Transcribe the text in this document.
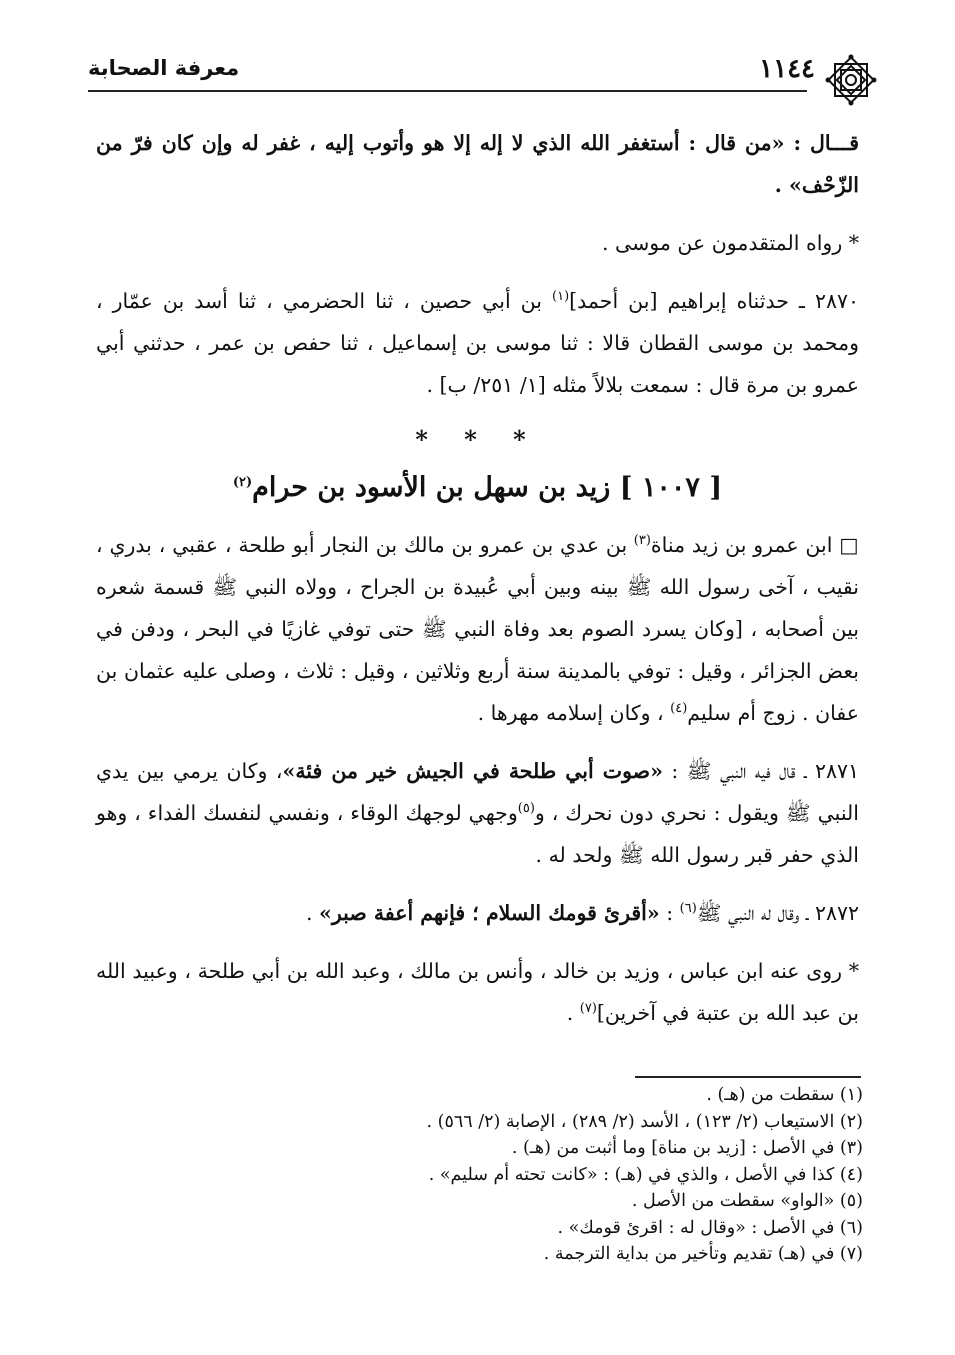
١١٤٤
معرفة الصحابة

قـــال : «من قال : أستغفر الله الذي لا إله إلا هو وأتوب إليه ، غفر له وإن كان فرّ من الزّحْف» .

* رواه المتقدمون عن موسى .

٢٨٧٠ ـ حدثناه إبراهيم [بن أحمد]$^{(١)}$ بن أبي حصين ، ثنا الحضرمي ، ثنا أسد بن عمّار ، ومحمد بن موسى القطان قالا : ثنا موسى بن إسماعيل ، ثنا حفص بن عمر ، حدثني أبي عمرو بن مرة قال : سمعت بلالاً مثله [١/ ٢٥١/ ب] .

* * *
[ ١٠٠٧ ] زيد بن سهل بن الأسود بن حرام$^{(٢)}$

□ ابن عمرو بن زيد مناة$^{(٣)}$ بن عدي بن عمرو بن مالك بن النجار أبو طلحة ، عقبي ، بدري ، نقيب ، آخى رسول الله ﷺ بينه وبين أبي عُبيدة بن الجراح ، وولاه النبي ﷺ قسمة شعره بين أصحابه ، [وكان يسرد الصوم بعد وفاة النبي ﷺ حتى توفي غازيًا في البحر ، ودفن في بعض الجزائر ، وقيل : توفي بالمدينة سنة أربع وثلاثين ، وقيل : ثلاث ، وصلى عليه عثمان بن عفان . زوج أم سليم$^{(٤)}$ ، وكان إسلامه مهرها .

٢٨٧١ ـ قال فيه النبي ﷺ : «صوت أبي طلحة في الجيش خير من فئة»، وكان يرمي بين يدي النبي ﷺ ويقول : نحري دون نحرك ، و$^{(٥)}$وجهي لوجهك الوقاء ، ونفسي لنفسك الفداء ، وهو الذي حفر قبر رسول الله ﷺ ولحد له .

٢٨٧٢ ـ وقال له النبي ﷺ$^{(٦)}$ : «أقرئ قومك السلام ؛ فإنهم أعفة صبر» .

* روى عنه ابن عباس ، وزيد بن خالد ، وأنس بن مالك ، وعبد الله بن أبي طلحة ، وعبيد الله بن عبد الله بن عتبة في آخرين]$^{(٧)}$ .

(١) سقطت من (هـ) .
(٢) الاستيعاب (٢/ ١٢٣) ، الأسد (٢/ ٢٨٩) ، الإصابة (٢/ ٥٦٦) .
(٣) في الأصل : [زيد بن مناة] وما أثبت من (هـ) .
(٤) كذا في الأصل ، والذي في (هـ) : «كانت تحته أم سليم» .
(٥) «الواو» سقطت من الأصل .
(٦) في الأصل : «وقال له : اقرئ قومك» .
(٧) في (هـ) تقديم وتأخير من بداية الترجمة .
